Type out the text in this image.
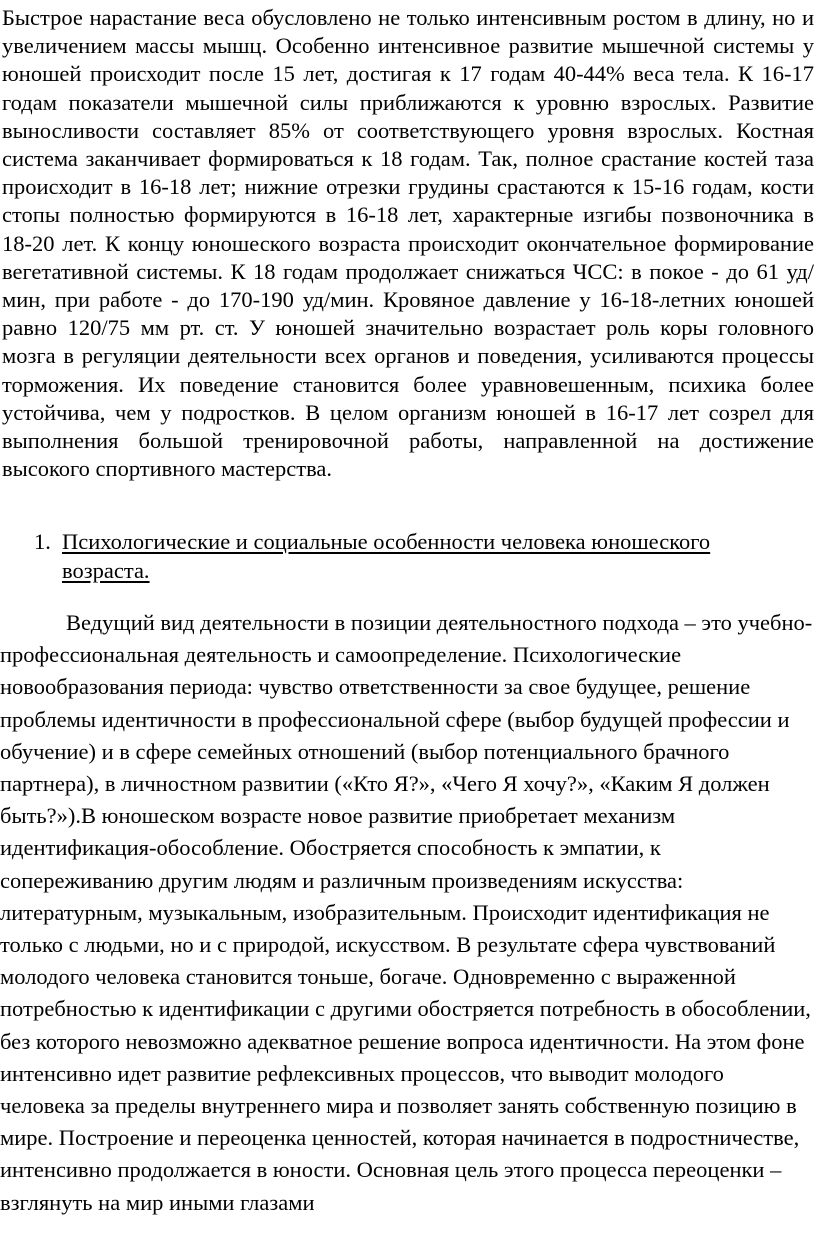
Быстрое нарастание веса обусловлено не только интенсивным ростом в длину, но и увеличением массы мышц. Особенно интенсивное развитие мышечной системы у юношей происходит после 15 лет, достигая к 17 годам 40-44% веса тела. К 16-17 годам показатели мышечной силы приближаются к уровню взрослых. Развитие выносливости составляет 85% от соответствующего уровня взрослых. Костная система заканчивает формироваться к 18 годам. Так, полное срастание костей таза происходит в 16-18 лет; нижние отрезки грудины срастаются к 15-16 годам, кости стопы полностью формируются в 16-18 лет, характерные изгибы позвоночника в 18-20 лет. К концу юношеского возраста происходит окончательное формирование вегетативной системы. К 18 годам продолжает снижаться ЧСС: в покое - до 61 уд/мин, при работе - до 170-190 уд/мин. Кровяное давление у 16-18-летних юношей равно 120/75 мм рт. ст. У юношей значительно возрастает роль коры головного мозга в регуляции деятельности всех органов и поведения, усиливаются процессы торможения. Их поведение становится более уравновешенным, психика более устойчива, чем у подростков. В целом организм юношей в 16-17 лет созрел для выполнения большой тренировочной работы, направленной на достижение высокого спортивного мастерства.

1. Психологические и социальные особенности человека юношеского возраста.

Ведущий вид деятельности в позиции деятельностного подхода – это учебно-профессиональная деятельность и самоопределение. Психологические новообразования периода: чувство ответственности за свое будущее, решение проблемы идентичности в профессиональной сфере (выбор будущей профессии и обучение) и в сфере семейных отношений (выбор потенциального брачного партнера), в личностном развитии («Кто Я?», «Чего Я хочу?», «Каким Я должен быть?»).В юношеском возрасте новое развитие приобретает механизм идентификация-обособление. Обостряется способность к эмпатии, к сопереживанию другим людям и различным произведениям искусства: литературным, музыкальным, изобразительным. Происходит идентификация не только с людьми, но и с природой, искусством. В результате сфера чувствований молодого человека становится тоньше, богаче. Одновременно с выраженной потребностью к идентификации с другими обостряется потребность в обособлении, без которого невозможно адекватное решение вопроса идентичности. На этом фоне интенсивно идет развитие рефлексивных процессов, что выводит молодого человека за пределы внутреннего мира и позволяет занять собственную позицию в мире. Построение и переоценка ценностей, которая начинается в подростничестве, интенсивно продолжается в юности. Основная цель этого процесса переоценки – взглянуть на мир иными глазами
